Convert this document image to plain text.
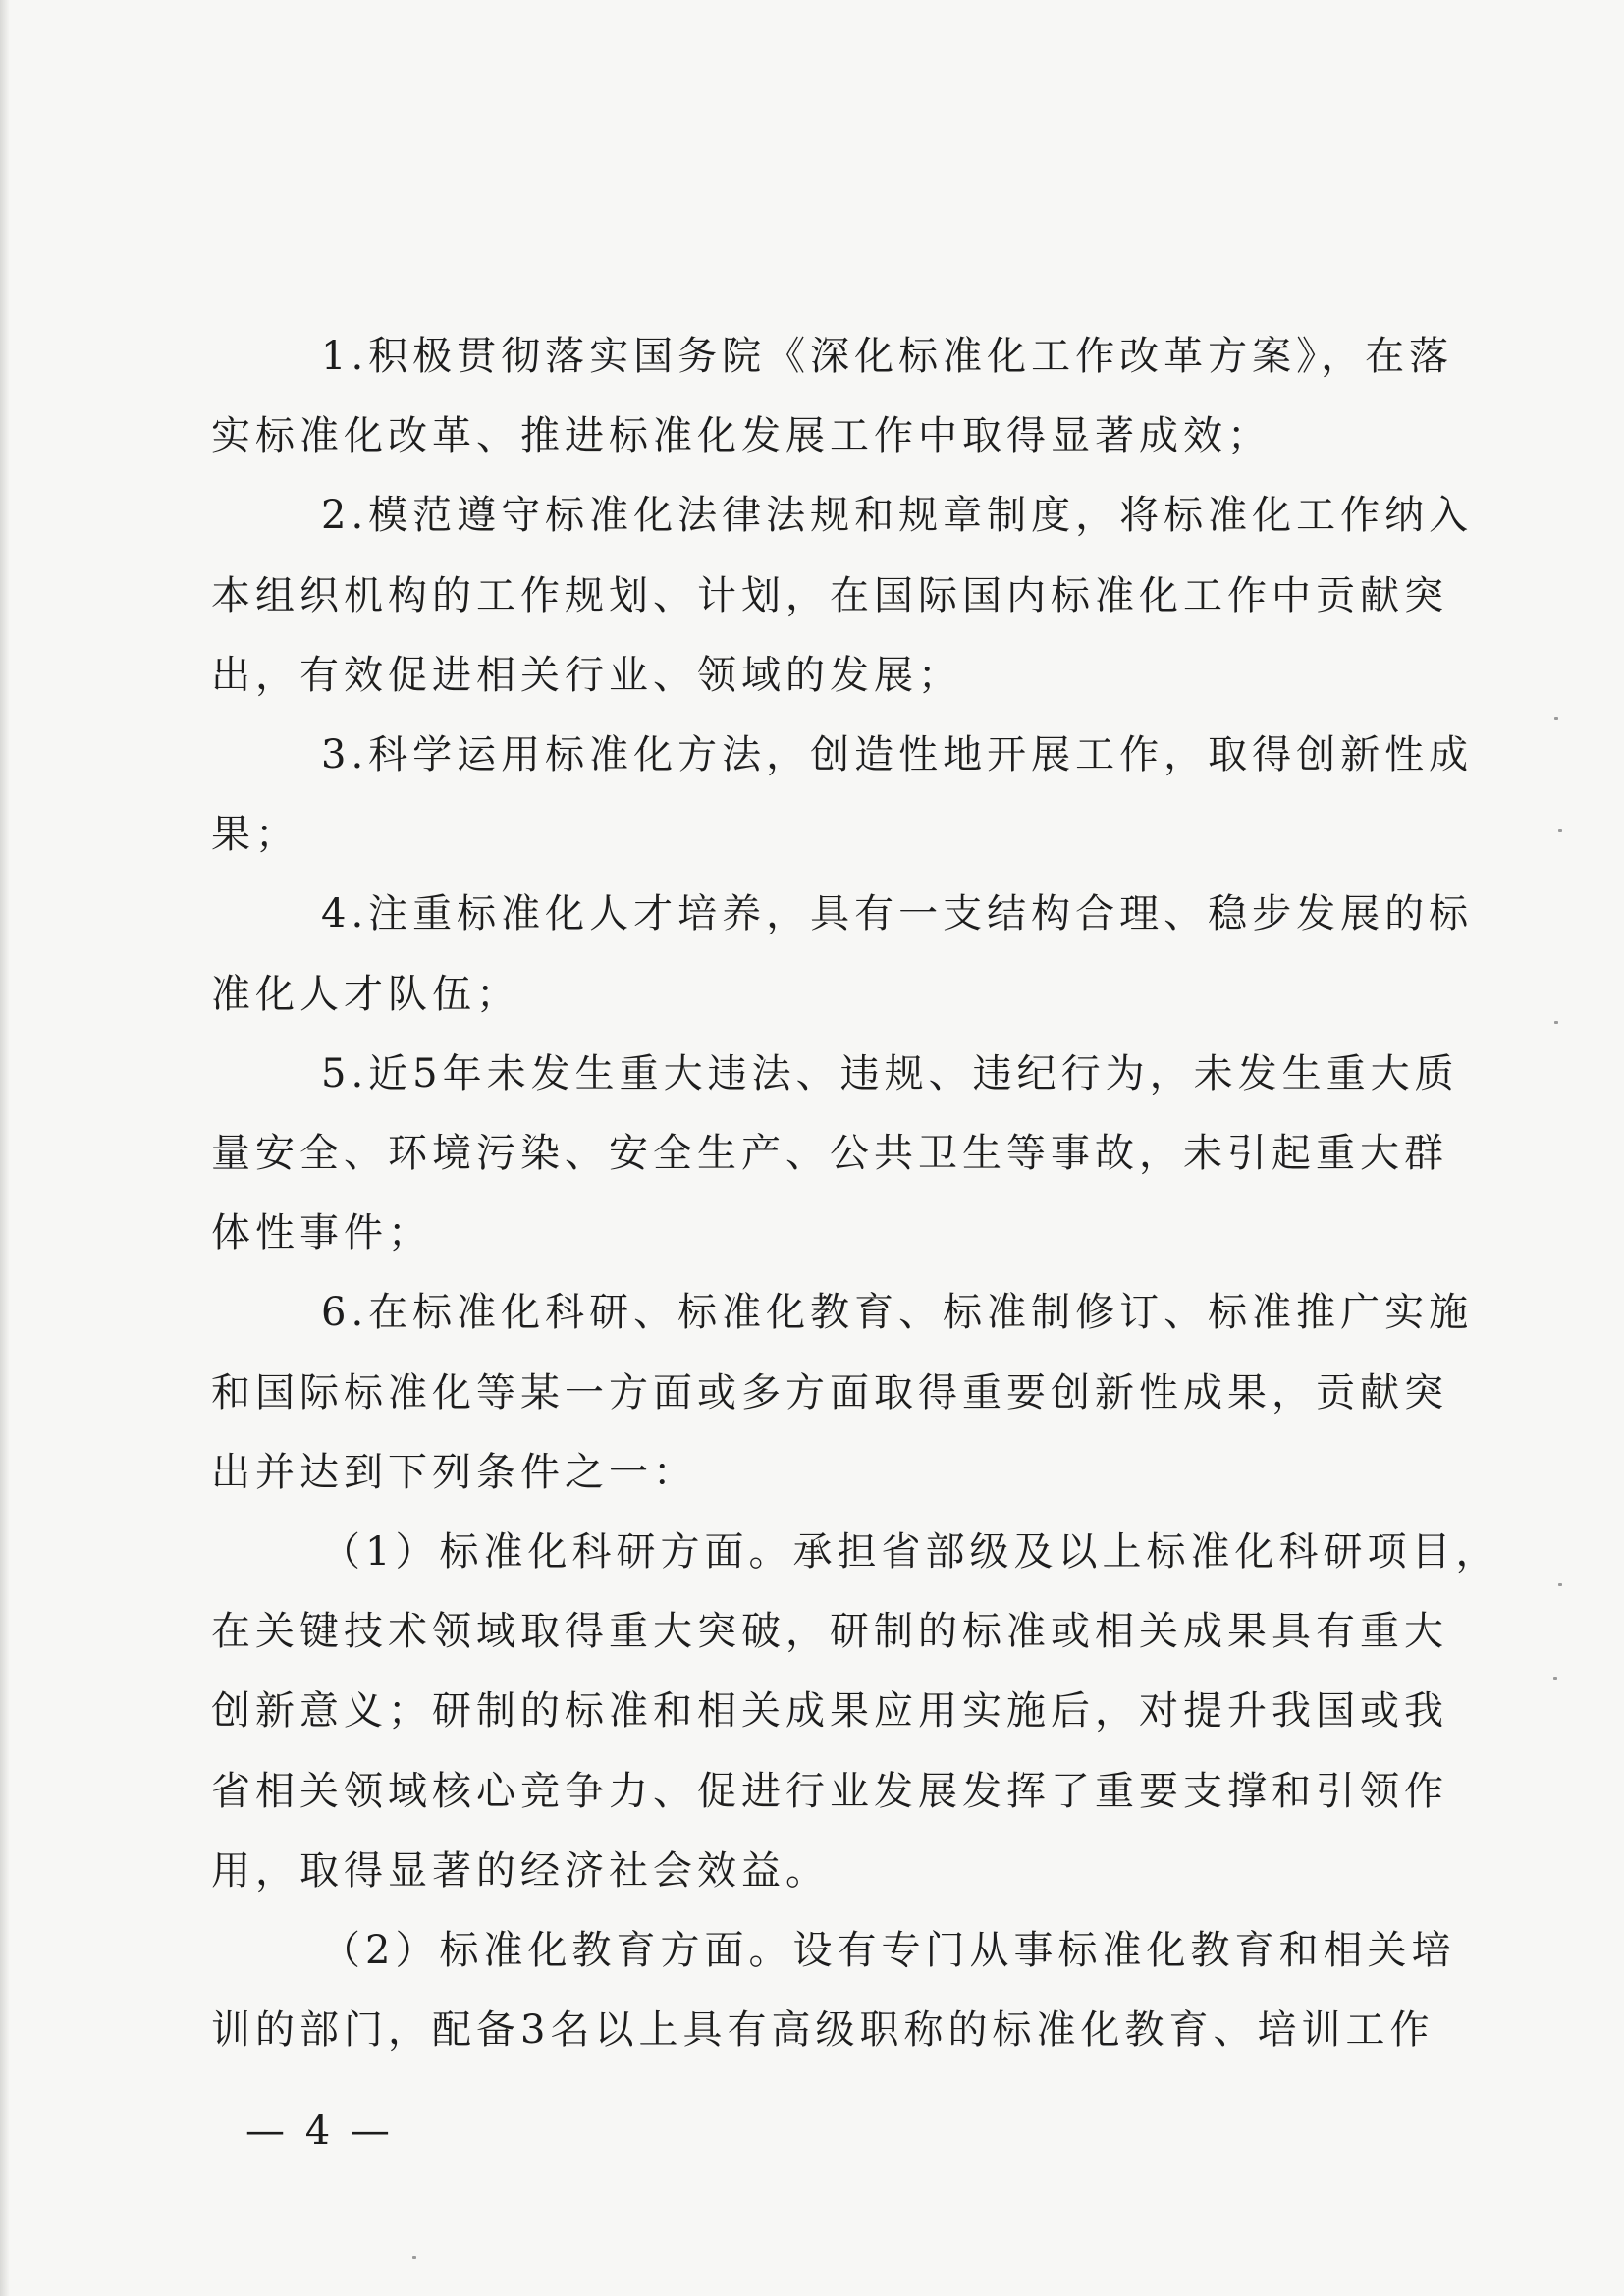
1.积极贯彻落实国务院《深化标准化工作改革方案》，在落

实标准化改革、推进标准化发展工作中取得显著成效；

2.模范遵守标准化法律法规和规章制度，将标准化工作纳入

本组织机构的工作规划、计划，在国际国内标准化工作中贡献突

出，有效促进相关行业、领域的发展；

3.科学运用标准化方法，创造性地开展工作，取得创新性成

果；

4.注重标准化人才培养，具有一支结构合理、稳步发展的标

准化人才队伍；

5.近5年未发生重大违法、违规、违纪行为，未发生重大质

量安全、环境污染、安全生产、公共卫生等事故，未引起重大群

体性事件；

6.在标准化科研、标准化教育、标准制修订、标准推广实施

和国际标准化等某一方面或多方面取得重要创新性成果，贡献突

出并达到下列条件之一：

（1）标准化科研方面。承担省部级及以上标准化科研项目，

在关键技术领域取得重大突破，研制的标准或相关成果具有重大

创新意义；研制的标准和相关成果应用实施后，对提升我国或我

省相关领域核心竞争力、促进行业发展发挥了重要支撑和引领作

用，取得显著的经济社会效益。

（2）标准化教育方面。设有专门从事标准化教育和相关培

训的部门，配备3名以上具有高级职称的标准化教育、培训工作

— 4 —
